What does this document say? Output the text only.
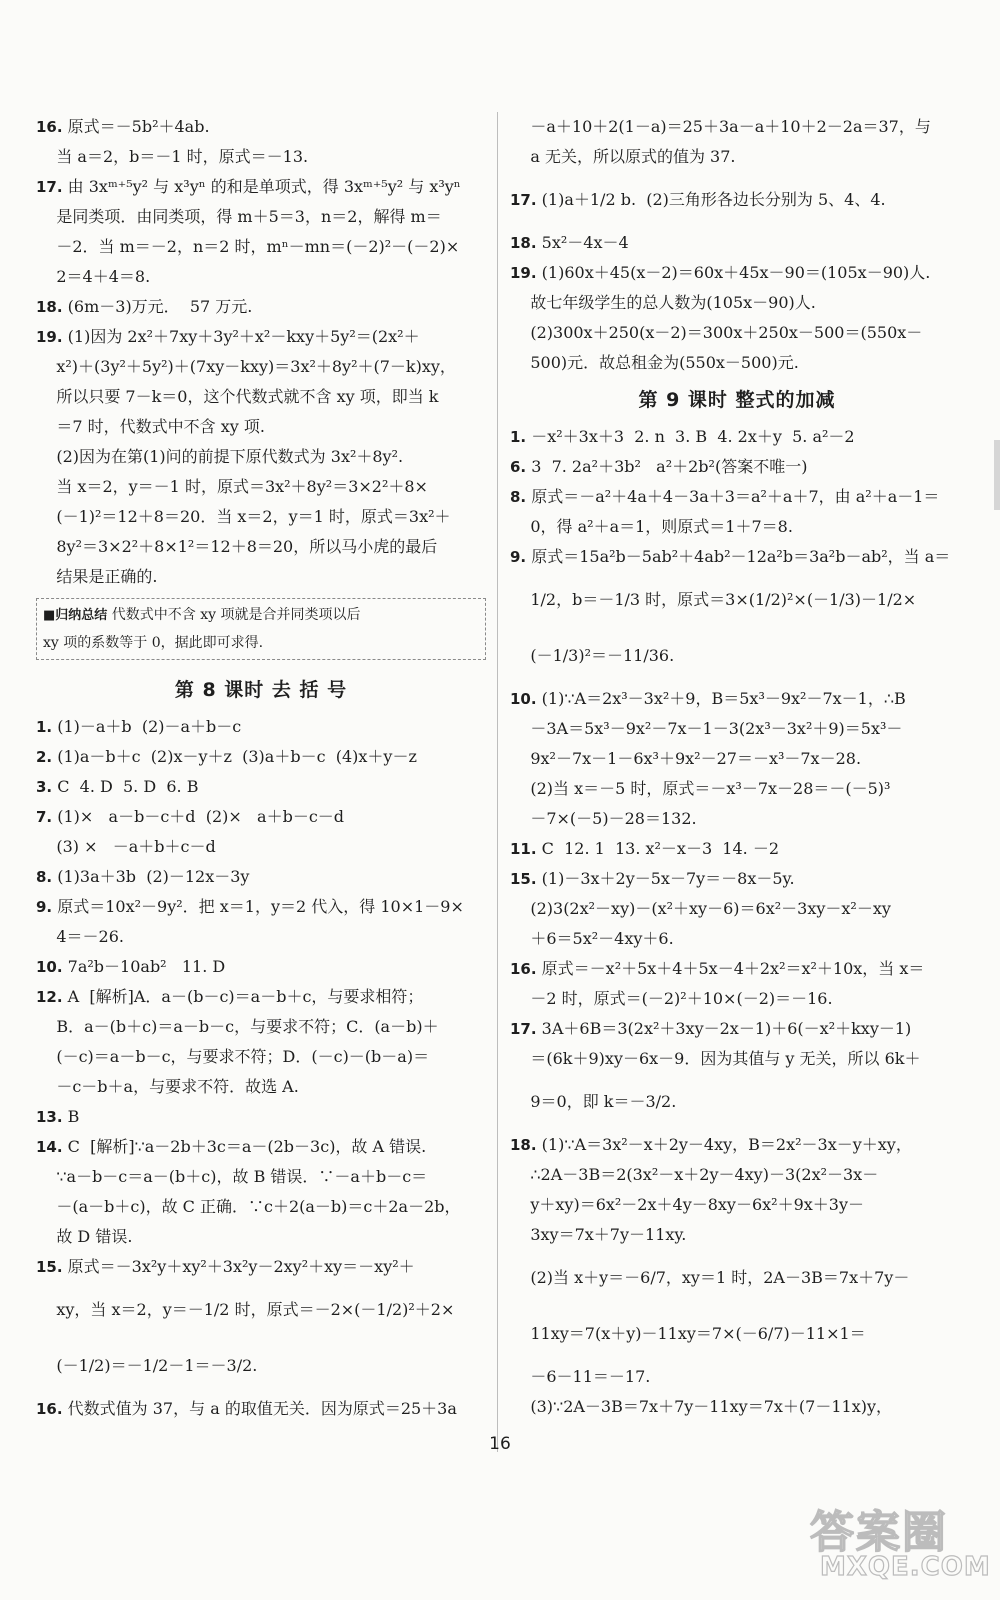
16. 原式＝－5b²＋4ab.
当 a＝2，b＝－1 时，原式＝－13.
17. 由 3xᵐ⁺⁵y² 与 x³yⁿ 的和是单项式，得 3xᵐ⁺⁵y² 与 x³yⁿ
是同类项．由同类项，得 m＋5＝3，n＝2，解得 m＝
－2．当 m＝－2，n＝2 时，mⁿ－mn＝(－2)²－(－2)×
2＝4＋4＝8.
18. (6m－3)万元．  57 万元.
19. (1)因为 2x²＋7xy＋3y²＋x²－kxy＋5y²＝(2x²＋
x²)＋(3y²＋5y²)＋(7xy－kxy)＝3x²＋8y²＋(7－k)xy，
所以只要 7－k＝0，这个代数式就不含 xy 项，即当 k
＝7 时，代数式中不含 xy 项.
(2)因为在第(1)问的前提下原代数式为 3x²＋8y².
当 x＝2，y＝－1 时，原式＝3x²＋8y²＝3×2²＋8×
(－1)²＝12＋8＝20．当 x＝2，y＝1 时，原式＝3x²＋
8y²＝3×2²＋8×1²＝12＋8＝20，所以马小虎的最后
结果是正确的.
■归纳总结 代数式中不含 xy 项就是合并同类项以后
xy 项的系数等于 0，据此即可求得.
第 8 课时 去 括 号
1. (1)－a＋b  (2)－a＋b－c
2. (1)a－b＋c  (2)x－y＋z  (3)a＋b－c  (4)x＋y－z
3. C  4. D  5. D  6. B
7. (1)×   a－b－c＋d  (2)×   a＋b－c－d
(3) ×   －a＋b＋c－d
8. (1)3a＋3b  (2)－12x－3y
9. 原式＝10x²－9y²．把 x＝1，y＝2 代入，得 10×1－9×
4＝－26.
10. 7a²b－10ab²   11. D
12. A  [解析]A．a－(b－c)＝a－b＋c，与要求相符；
B．a－(b＋c)＝a－b－c，与要求不符；C．(a－b)＋
(－c)＝a－b－c，与要求不符；D．(－c)－(b－a)＝
－c－b＋a，与要求不符．故选 A.
13. B
14. C  [解析]∵a－2b＋3c＝a－(2b－3c)，故 A 错误.
∵a－b－c＝a－(b＋c)，故 B 错误．∵－a＋b－c＝
－(a－b＋c)，故 C 正确．∵c＋2(a－b)＝c＋2a－2b，
故 D 错误.
15. 原式＝－3x²y＋xy²＋3x²y－2xy²＋xy＝－xy²＋
xy，当 x＝2，y＝－1/2 时，原式＝－2×(－1/2)²＋2×
(－1/2)＝－1/2－1＝－3/2.
16. 代数式值为 37，与 a 的取值无关．因为原式＝25＋3a
－a＋10＋2(1－a)＝25＋3a－a＋10＋2－2a＝37，与
a 无关，所以原式的值为 37.
17. (1)a＋1/2 b.  (2)三角形各边长分别为 5、4、4.
18. 5x²－4x－4
19. (1)60x＋45(x－2)＝60x＋45x－90＝(105x－90)人.
故七年级学生的总人数为(105x－90)人.
(2)300x＋250(x－2)＝300x＋250x－500＝(550x－
500)元．故总租金为(550x－500)元.
第 9 课时 整式的加减
1. －x²＋3x＋3  2. n  3. B  4. 2x＋y  5. a²－2
6. 3  7. 2a²＋3b²   a²＋2b²(答案不唯一)
8. 原式＝－a²＋4a＋4－3a＋3＝a²＋a＋7，由 a²＋a－1＝
0，得 a²＋a＝1，则原式＝1＋7＝8.
9. 原式＝15a²b－5ab²＋4ab²－12a²b＝3a²b－ab²，当 a＝
1/2，b＝－1/3 时，原式＝3×(1/2)²×(－1/3)－1/2×
(－1/3)²＝－11/36.
10. (1)∵A＝2x³－3x²＋9，B＝5x³－9x²－7x－1，∴B
－3A＝5x³－9x²－7x－1－3(2x³－3x²＋9)＝5x³－
9x²－7x－1－6x³＋9x²－27＝－x³－7x－28.
(2)当 x＝－5 时，原式＝－x³－7x－28＝－(－5)³
－7×(－5)－28＝132.
11. C  12. 1  13. x²－x－3  14. －2
15. (1)－3x＋2y－5x－7y＝－8x－5y.
(2)3(2x²－xy)－(x²＋xy－6)＝6x²－3xy－x²－xy
＋6＝5x²－4xy＋6.
16. 原式＝－x²＋5x＋4＋5x－4＋2x²＝x²＋10x，当 x＝
－2 时，原式＝(－2)²＋10×(－2)＝－16.
17. 3A＋6B＝3(2x²＋3xy－2x－1)＋6(－x²＋kxy－1)
＝(6k＋9)xy－6x－9．因为其值与 y 无关，所以 6k＋
9＝0，即 k＝－3/2.
18. (1)∵A＝3x²－x＋2y－4xy，B＝2x²－3x－y＋xy，
∴2A－3B＝2(3x²－x＋2y－4xy)－3(2x²－3x－
y＋xy)＝6x²－2x＋4y－8xy－6x²＋9x＋3y－
3xy＝7x＋7y－11xy.
(2)当 x＋y＝－6/7，xy＝1 时，2A－3B＝7x＋7y－
11xy＝7(x＋y)－11xy＝7×(－6/7)－11×1＝
－6－11＝－17.
(3)∵2A－3B＝7x＋7y－11xy＝7x＋(7－11x)y，
16
答案圈
MXQE.COM
